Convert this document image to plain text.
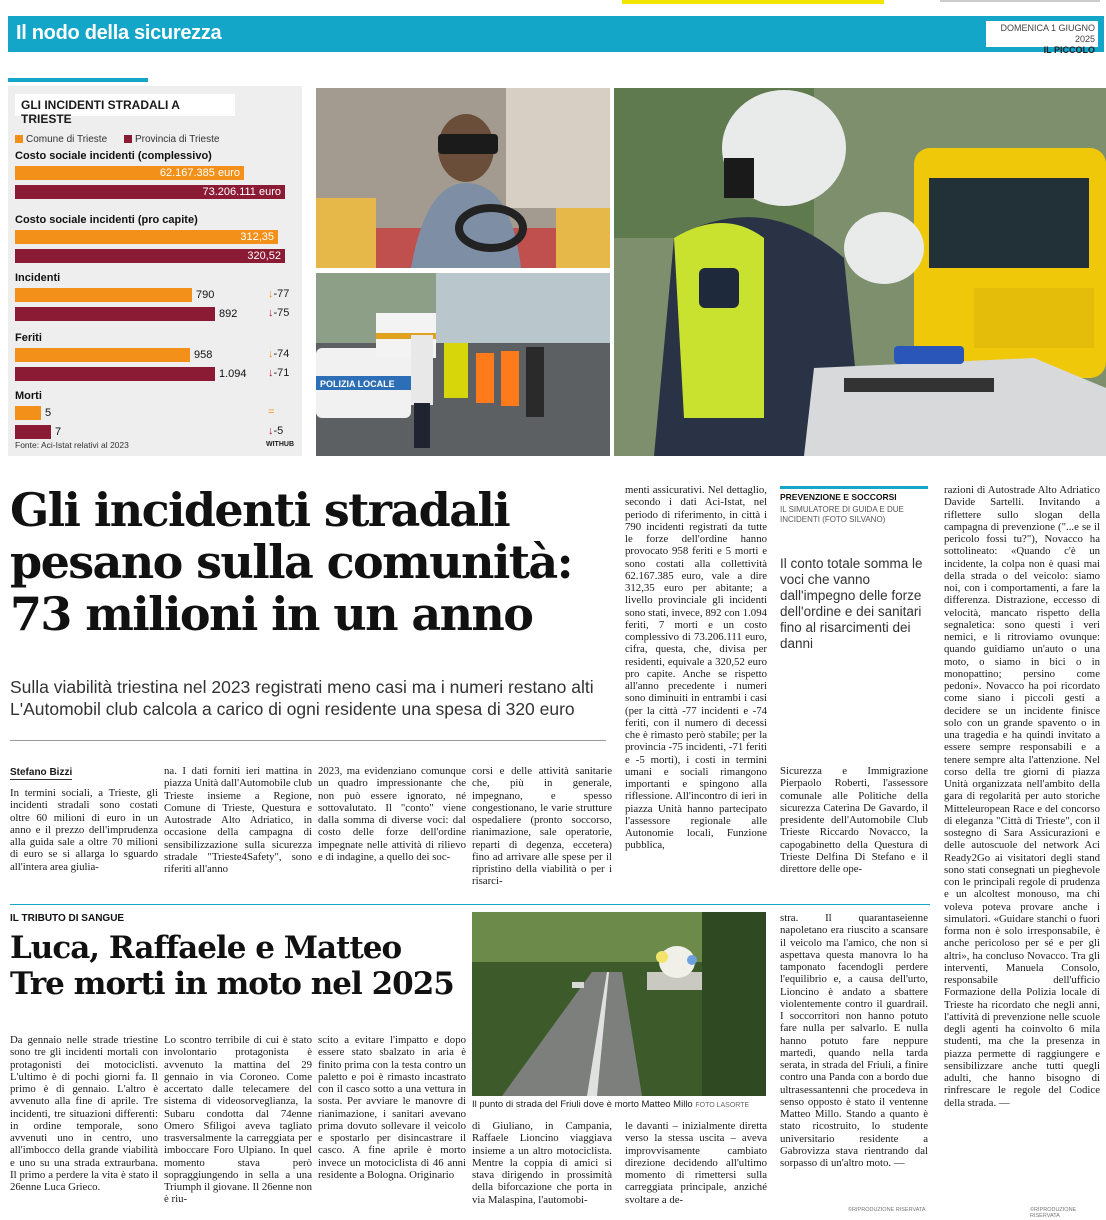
Il nodo della sicurezza	DOMENICA 1 GIUGNO 2025
IL PICCOLO
GLI INCIDENTI STRADALI A TRIESTE
Comune di Trieste	Provincia di Trieste
Costo sociale incidenti (complessivo)
62.167.385 euro
73.206.111 euro
Costo sociale incidenti (pro capite)
312,35
320,52
Incidenti
790	↓-77
892	↓-75
Feriti
958	↓-74
1.094 ↓-71
Morti
5	=
7	↓-5
Fonte: Aci-Istat relativi al 2023	WITHUB
POLIZIA LOCALE
Gli incidenti stradali pesano sulla comunità: 73 milioni in un anno
Sulla viabilità triestina nel 2023 registrati meno casi ma i numeri restano alti
L'Automobil club calcola a carico di ogni residente una spesa di 320 euro
Stefano Bizzi
In termini sociali, a Trieste, gli incidenti stradali sono costati oltre 60 milioni di euro in un anno e il prezzo dell'imprudenza alla guida sale a oltre 70 milioni di euro se si allarga lo sguardo all'intera area giulia-
na. I dati forniti ieri mattina in piazza Unità dall'Automobile club Trieste insieme a Regione, Comune di Trieste, Questura e Autostrade Alto Adriatico, in occasione della campagna di sensibilizzazione sulla sicurezza stradale "Trieste4Safety", sono riferiti all'anno
2023, ma evidenziano comunque un quadro impressionante che non può essere ignorato, né sottovalutato. Il "conto" viene dalla somma di diverse voci: dal costo delle forze dell'ordine impegnate nelle attività di rilievo e di indagine, a quello dei soc-
corsi e delle attività sanitarie che, più in generale, impegnano, e spesso congestionano, le varie strutture ospedaliere (pronto soccorso, rianimazione, sale operatorie, reparti di degenza, eccetera) fino ad arrivare alle spese per il ripristino della viabilità o per i risarci-
menti assicurativi. Nel dettaglio, secondo i dati Aci-Istat, nel periodo di riferimento, in città i 790 incidenti registrati da tutte le forze dell'ordine hanno provocato 958 feriti e 5 morti e sono costati alla collettività 62.167.385 euro, vale a dire 312,35 euro per abitante; a livello provinciale gli incidenti sono stati, invece, 892 con 1.094 feriti, 7 morti e un costo complessivo di 73.206.111 euro, cifra, questa, che, divisa per residenti, equivale a 320,52 euro pro capite. Anche se rispetto all'anno precedente i numeri sono diminuiti in entrambi i casi (per la città -77 incidenti e -74 feriti, con il numero di decessi che è rimasto però stabile; per la provincia -75 incidenti, -71 feriti e -5 morti), i costi in termini umani e sociali rimangono importanti e spingono alla riflessione. All'incontro di ieri in piazza Unità hanno partecipato l'assessore regionale alle Autonomie locali, Funzione pubblica,
PREVENZIONE E SOCCORSI
IL SIMULATORE DI GUIDA E DUE INCIDENTI (FOTO SILVANO)
Il conto totale somma le voci che vanno dall'impegno delle forze dell'ordine e dei sanitari fino al risarcimenti dei danni
Sicurezza e Immigrazione Pierpaolo Roberti, l'assessore comunale alle Politiche della sicurezza Caterina De Gavardo, il presidente dell'Automobile Club Trieste Riccardo Novacco, la capogabinetto della Questura di Trieste Delfina Di Stefano e il direttore delle ope-
razioni di Autostrade Alto Adriatico Davide Sartelli. Invitando a riflettere sullo slogan della campagna di prevenzione ("...e se il pericolo fossi tu?"), Novacco ha sottolineato: «Quando c'è un incidente, la colpa non è quasi mai della strada o del veicolo: siamo noi, con i comportamenti, a fare la differenza. Distrazione, eccesso di velocità, mancato rispetto della segnaletica: sono questi i veri nemici, e li ritroviamo ovunque: quando guidiamo un'auto o una moto, o siamo in bici o in monopattino; persino come pedoni». Novacco ha poi ricordato come siano i piccoli gesti a decidere se un incidente finisce solo con un grande spavento o in una tragedia e ha quindi invitato a essere sempre responsabili e a tenere sempre alta l'attenzione. Nel corso della tre giorni di piazza Unità organizzata nell'ambito della gara di regolarità per auto storiche Mitteleuropean Race e del concorso di eleganza "Città di Trieste", con il sostegno di Sara Assicurazioni e delle autoscuole del network Aci Ready2Go ai visitatori degli stand sono stati consegnati un pieghevole con le principali regole di prudenza e un alcoltest monouso, ma chi voleva poteva provare anche i simulatori. «Guidare stanchi o fuori forma non è solo irresponsabile, è anche pericoloso per sé e per gli altri», ha concluso Novacco. Tra gli interventi, Manuela Consolo, responsabile dell'ufficio Formazione della Polizia locale di Trieste ha ricordato che negli anni, l'attività di prevenzione nelle scuole degli agenti ha coinvolto 6 mila studenti, ma che la presenza in piazza permette di raggiungere e sensibilizzare anche tutti quegli adulti, che hanno bisogno di rinfrescare le regole del Codice della strada. —
IL TRIBUTO DI SANGUE
Luca, Raffaele e Matteo Tre morti in moto nel 2025
Da gennaio nelle strade triestine sono tre gli incidenti mortali con protagonisti dei motociclisti. L'ultimo è di pochi giorni fa. Il primo è di gennaio. L'altro è avvenuto alla fine di aprile. Tre incidenti, tre situazioni differenti: in ordine temporale, sono avvenuti uno in centro, uno all'imbocco della grande viabilità e uno su una strada extraurbana. Il primo a perdere la vita è stato il 26enne Luca Grieco.
Lo scontro terribile di cui è stato involontario protagonista è avvenuto la mattina del 29 gennaio in via Coroneo. Come accertato dalle telecamere del sistema di videosorveglianza, la Subaru condotta dal 74enne Omero Sfiligoi aveva tagliato trasversalmente la carreggiata per imboccare Foro Ulpiano. In quel momento stava però sopraggiungendo in sella a una Triumph il giovane. Il 26enne non è riu-
scito a evitare l'impatto e dopo essere stato sbalzato in aria è finito prima con la testa contro un paletto e poi è rimasto incastrato con il casco sotto a una vettura in sosta. Per avviare le manovre di rianimazione, i sanitari avevano prima dovuto sollevare il veicolo e spostarlo per disincastrare il casco. A fine aprile è morto invece un motociclista di 46 anni residente a Bologna. Originario
Il punto di strada del Friuli dove è morto Matteo Millo FOTO LASORTE
di Giuliano, in Campania, Raffaele Lioncino viaggiava insieme a un altro motociclista. Mentre la coppia di amici si stava dirigendo in prossimità della biforcazione che porta in via Malaspina, l'automobi-
le davanti – inizialmente diretta verso la stessa uscita – aveva improvvisamente cambiato direzione decidendo all'ultimo momento di rimettersi sulla carreggiata principale, anziché svoltare a de-
stra. Il quarantaseienne napoletano era riuscito a scansare il veicolo ma l'amico, che non si aspettava questa manovra lo ha tamponato facendogli perdere l'equilibrio e, a causa dell'urto, Lioncino è andato a sbattere violentemente contro il guardrail. I soccorritori non hanno potuto fare nulla per salvarlo. E nulla hanno potuto fare neppure martedì, quando nella tarda serata, in strada del Friuli, a finire contro una Panda con a bordo due ultrasessantenni che procedeva in senso opposto è stato il ventenne Matteo Millo. Stando a quanto è stato ricostruito, lo studente universitario residente a Gabrovizza stava rientrando dal sorpasso di un'altro moto. —
©RIPRODUZIONE RISERVATA	©RIPRODUZIONE RISERVATA
